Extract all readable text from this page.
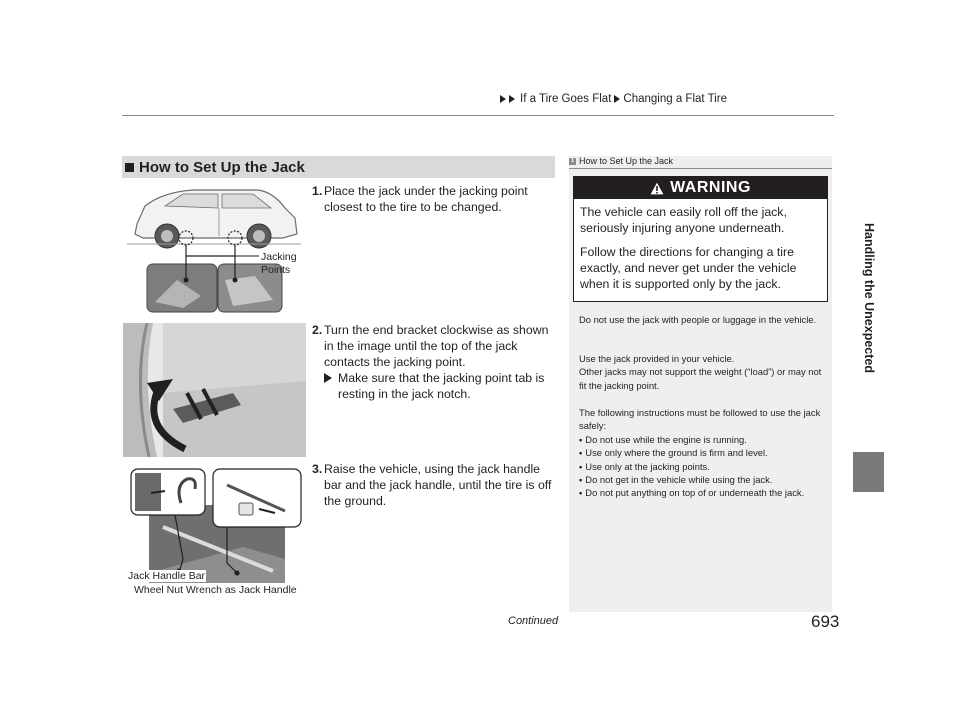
If a Tire Goes Flat Changing a Flat Tire
Handling the Unexpected
How to Set Up the Jack
Jacking
Points
1. Place the jack under the jacking point closest to the tire to be changed.
2. Turn the end bracket clockwise as shown in the image until the top of the jack contacts the jacking point.
Make sure that the jacking point tab is resting in the jack notch.
Jack Handle Bar
Wheel Nut Wrench as Jack Handle
3. Raise the vehicle, using the jack handle bar and the jack handle, until the tire is off the ground.
1 How to Set Up the Jack
WARNING
The vehicle can easily roll off the jack, seriously injuring anyone underneath.
Follow the directions for changing a tire exactly, and never get under the vehicle when it is supported only by the jack.
Do not use the jack with people or luggage in the vehicle.
Use the jack provided in your vehicle.
Other jacks may not support the weight (“load”) or may not fit the jacking point.
The following instructions must be followed to use the jack safely:
• Do not use while the engine is running.
• Use only where the ground is firm and level.
• Use only at the jacking points.
• Do not get in the vehicle while using the jack.
• Do not put anything on top of or underneath the jack.
Continued	693
